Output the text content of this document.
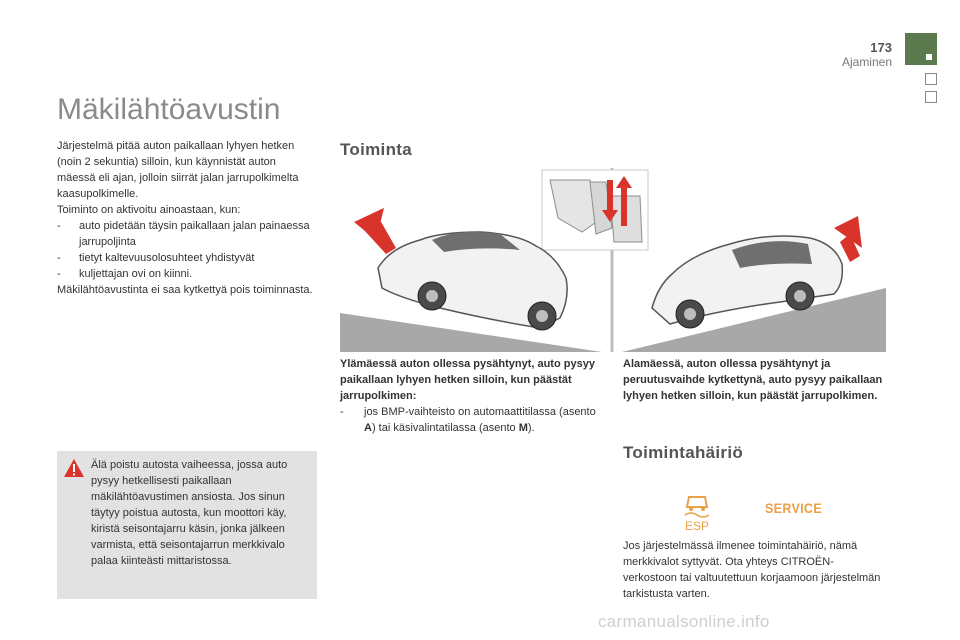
173
Ajaminen
Mäkilähtöavustin

Järjestelmä pitää auton paikallaan lyhyen hetken (noin 2 sekuntia) silloin, kun käynnistät auton mäessä eli ajan, jolloin siirrät jalan jarrupolkimelta kaasupolkimelle.

Toiminto on aktivoitu ainoastaan, kun:

- auto pidetään täysin paikallaan jalan painaessa jarrupoljinta
- tietyt kaltevuusolosuhteet yhdistyvät
- kuljettajan ovi on kiinni.

Mäkilähtöavustinta ei saa kytkettyä pois toiminnasta.

Älä poistu autosta vaiheessa, jossa auto pysyy hetkellisesti paikallaan mäkilähtöavustimen ansiosta. Jos sinun täytyy poistua autosta, kun moottori käy, kiristä seisontajarru käsin, jonka jälkeen varmista, että seisontajarrun merkkivalo palaa kiinteästi mittaristossa.

Toiminta
Ylämäessä auton ollessa pysähtynyt, auto pysyy paikallaan lyhyen hetken silloin, kun päästät jarrupolkimen:
- jos BMP-vaihteisto on automaattitilassa (asento A) tai käsivalintatilassa (asento M).
Alamäessä, auton ollessa pysähtynyt ja peruutusvaihde kytkettynä, auto pysyy paikallaan lyhyen hetken silloin, kun päästät jarrupolkimen.
Toimintahäiriö
ESP
SERVICE

Jos järjestelmässä ilmenee toimintahäiriö, nämä merkkivalot syttyvät. Ota yhteys CITROËN-verkostoon tai valtuutettuun korjaamoon järjestelmän tarkistusta varten.

carmanualsonline.info
